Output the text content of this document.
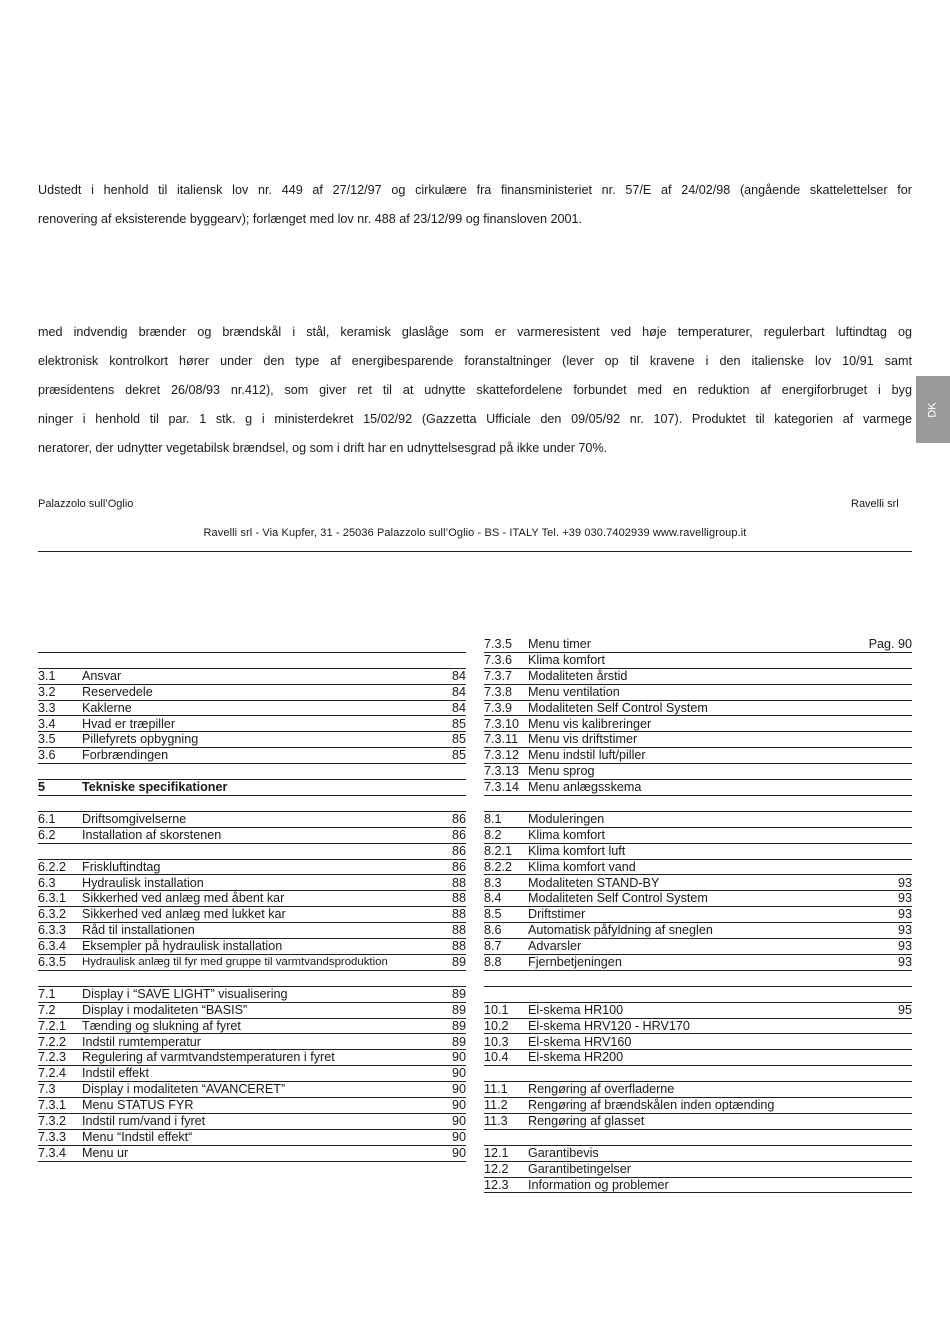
Udstedt i henhold til italiensk lov nr. 449 af 27/12/97 og cirkulære fra finansministeriet nr. 57/E af 24/02/98 (angående skattelettelser for
renovering af eksisterende byggearv); forlænget med lov nr. 488 af 23/12/99 og finansloven 2001.
med indvendig brænder og brændskål i stål, keramisk glaslåge som er varmeresistent ved høje temperaturer, regulerbart luftindtag og
elektronisk kontrolkort hører under den type af energibesparende foranstaltninger (lever op til kravene i den italienske lov 10/91 samt
præsidentens dekret 26/08/93 nr.412), som giver ret til at udnytte skattefordelene forbundet med en reduktion af energiforbruget i byg
ninger i henhold til par. 1 stk. g i ministerdekret 15/02/92 (Gazzetta Ufficiale den 09/05/92 nr. 107). Produktet til kategorien af varmege
neratorer, der udnytter vegetabilsk brændsel, og som i drift har en udnyttelsesgrad på ikke under 70%.
Palazzolo sull’Oglio	Ravelli srl
Ravelli srl - Via Kupfer, 31 - 25036 Palazzolo sull’Oglio - BS - ITALY Tel. +39 030.7402939 www.ravelligroup.it
DK
3.1 Ansvar	84
3.2 Reservedele	84
3.3 Kaklerne	84
3.4 Hvad er træpiller	85
3.5 Pillefyrets opbygning	85
3.6 Forbrændingen	85
5	Tekniske specifikationer
6.1 Driftsomgivelserne	86
6.2 Installation af skorstenen	86
86
6.2.2 Friskluftindtag	86
6.3 Hydraulisk installation	88
6.3.1 Sikkerhed ved anlæg med åbent kar	88
6.3.2 Sikkerhed ved anlæg med lukket kar	88
6.3.3 Råd til installationen	88
6.3.4 Eksempler på hydraulisk installation	88
6.3.5 Hydraulisk anlæg til fyr med gruppe til varmtvandsproduktion	89
7.1 Display i “SAVE LIGHT” visualisering	89
7.2 Display i modaliteten “BASIS”	89
7.2.1 Tænding og slukning af fyret	89
7.2.2 Indstil rumtemperatur	89
7.2.3 Regulering af varmtvandstemperaturen i fyret	90
7.2.4 Indstil effekt	90
7.3 Display i modaliteten “AVANCERET”	90
7.3.1 Menu STATUS FYR	90
7.3.2 Indstil rum/vand i fyret	90
7.3.3 Menu “Indstil effekt“	90
7.3.4 Menu ur	90
7.3.5 Menu timer	Pag. 90
7.3.6 Klima komfort
7.3.7 Modaliteten årstid
7.3.8 Menu ventilation
7.3.9 Modaliteten Self Control System
7.3.10 Menu vis kalibreringer
7.3.11 Menu vis driftstimer
7.3.12 Menu indstil luft/piller
7.3.13 Menu sprog
7.3.14 Menu anlægsskema
8.1 Moduleringen
8.2 Klima komfort
8.2.1 Klima komfort luft
8.2.2 Klima komfort vand
8.3 Modaliteten STAND-BY	93
8.4 Modaliteten Self Control System	93
8.5 Driftstimer	93
8.6 Automatisk påfyldning af sneglen	93
8.7 Advarsler	93
8.8 Fjernbetjeningen	93
10.1 El-skema HR100	95
10.2 El-skema HRV120 - HRV170
10.3 El-skema HRV160
10.4 El-skema HR200
11.1 Rengøring af overfladerne
11.2 Rengøring af brændskålen inden optænding
11.3 Rengøring af glasset
12.1 Garantibevis
12.2 Garantibetingelser
12.3 Information og problemer
